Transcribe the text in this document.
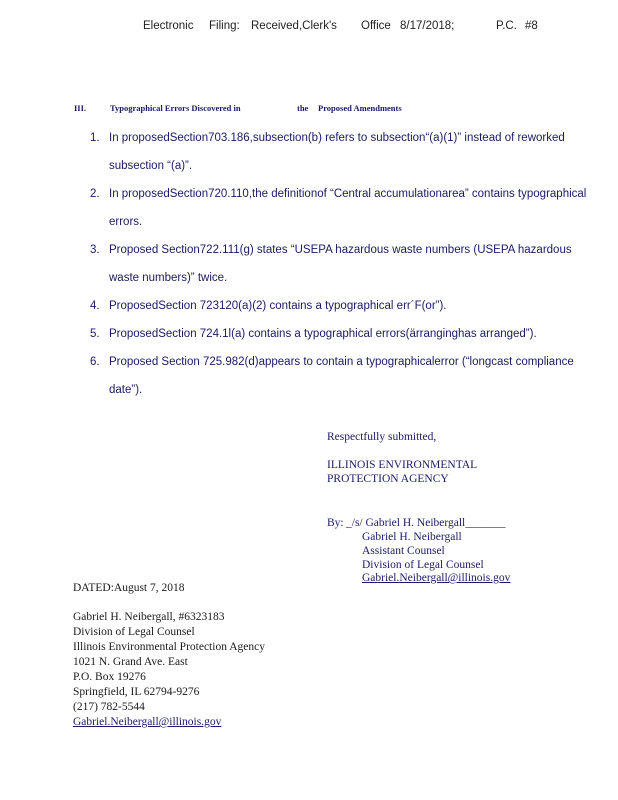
Electronic Filing: Received,Clerk's Office 8/17/2018;	P.C. #8
III.	Typographical Errors Discovered in	the Proposed Amendments
1. In proposedSection703.186,subsection(b) refers to subsection“(a)(1)” instead of reworked subsection “(a)”.
2. In proposedSection720.110,the definitionof “Central accumulationarea” contains typographical errors.
3. Proposed Section722.111(g) states “USEPA hazardous waste numbers (USEPA hazardous waste numbers)” twice.
4. ProposedSection 723120(a)(2) contains a typographical err´F(or”).
5. ProposedSection 724.1l(a) contains a typographical errors(ärranginghas arranged”).
6. Proposed Section 725.982(d)appears to contain a typographicalerror (“longcast compliance date”).
Respectfully submitted,
ILLINOIS ENVIRONMENTAL
PROTECTION AGENCY
By: _/s/ Gabriel H. Neibergall_______
Gabriel H. Neibergall
Assistant Counsel
Division of Legal Counsel
Gabriel.Neibergall@illinois.gov
DATED:August 7, 2018
Gabriel H. Neibergall, #6323183
Division of Legal Counsel
Illinois Environmental Protection Agency
1021 N. Grand Ave. East
P.O. Box 19276
Springfield, IL 62794-9276
(217) 782-5544
Gabriel.Neibergall@illinois.gov
